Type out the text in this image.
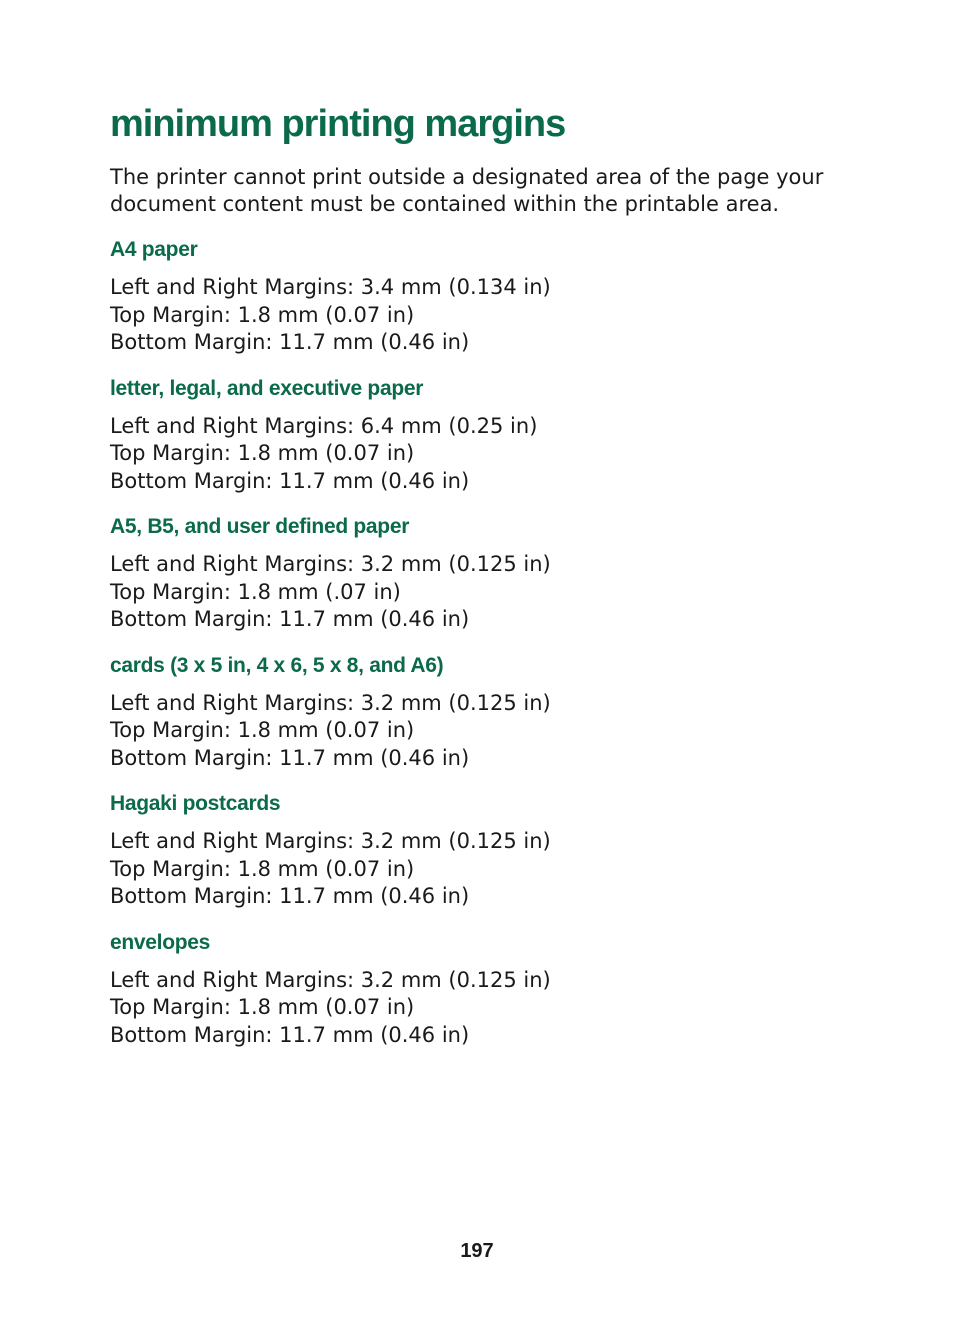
minimum printing margins

The printer cannot print outside a designated area of the page your document content must be contained within the printable area.

A4 paper
Left and Right Margins: 3.4 mm (0.134 in)
Top Margin: 1.8 mm (0.07 in)
Bottom Margin: 11.7 mm (0.46 in)
letter, legal, and executive paper
Left and Right Margins: 6.4 mm (0.25 in)
Top Margin: 1.8 mm (0.07 in)
Bottom Margin: 11.7 mm (0.46 in)
A5, B5, and user defined paper
Left and Right Margins: 3.2 mm (0.125 in)
Top Margin: 1.8 mm (.07 in)
Bottom Margin: 11.7 mm (0.46 in)
cards (3 x 5 in, 4 x 6, 5 x 8, and A6)
Left and Right Margins: 3.2 mm (0.125 in)
Top Margin: 1.8 mm (0.07 in)
Bottom Margin: 11.7 mm (0.46 in)
Hagaki postcards
Left and Right Margins: 3.2 mm (0.125 in)
Top Margin: 1.8 mm (0.07 in)
Bottom Margin: 11.7 mm (0.46 in)
envelopes
Left and Right Margins: 3.2 mm (0.125 in)
Top Margin: 1.8 mm (0.07 in)
Bottom Margin: 11.7 mm (0.46 in)
197
